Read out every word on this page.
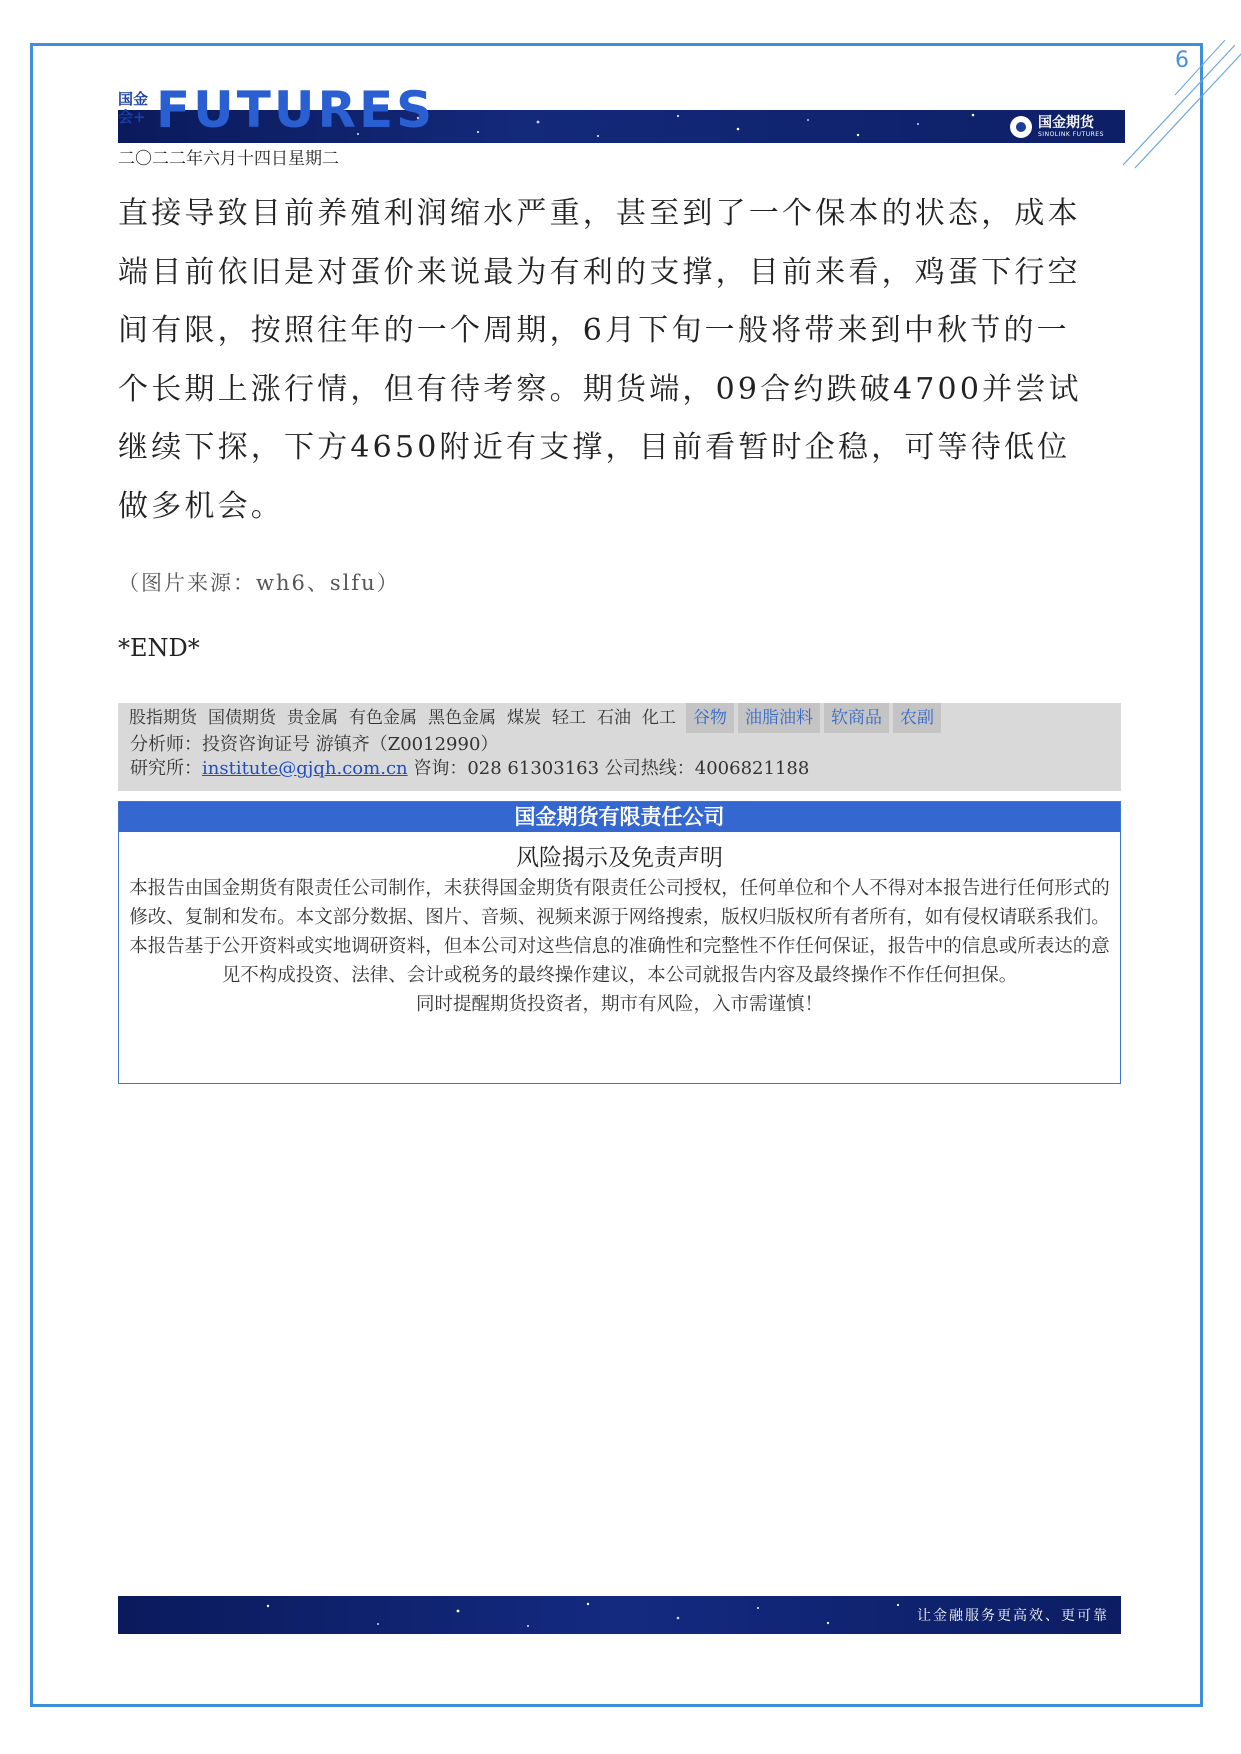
6
国金会+ FUTURES	国金期货
SINOLINK FUTURES
二〇二二年六月十四日星期二

直接导致目前养殖利润缩水严重，甚至到了一个保本的状态，成本端目前依旧是对蛋价来说最为有利的支撑，目前来看，鸡蛋下行空间有限，按照往年的一个周期，6月下旬一般将带来到中秋节的一个长期上涨行情，但有待考察。期货端，09合约跌破4700并尝试继续下探，下方4650附近有支撑，目前看暂时企稳，可等待低位做多机会。

（图片来源：wh6、slfu）
*END*
股指期货 国债期货 贵金属 有色金属 黑色金属 煤炭 轻工 石油 化工	谷物	油脂油料	软商品	农副
分析师：投资咨询证号 游镇齐（Z0012990）
研究所：institute@gjqh.com.cn 咨询：028 61303163 公司热线：4006821188
国金期货有限责任公司
风险揭示及免责声明

本报告由国金期货有限责任公司制作，未获得国金期货有限责任公司授权，任何单位和个人不得对本报告进行任何形式的修改、复制和发布。本文部分数据、图片、音频、视频来源于网络搜索，版权归版权所有者所有，如有侵权请联系我们。

本报告基于公开资料或实地调研资料，但本公司对这些信息的准确性和完整性不作任何保证，报告中的信息或所表达的意见不构成投资、法律、会计或税务的最终操作建议，本公司就报告内容及最终操作不作任何担保。

同时提醒期货投资者，期市有风险，入市需谨慎！

让金融服务更高效、更可靠
